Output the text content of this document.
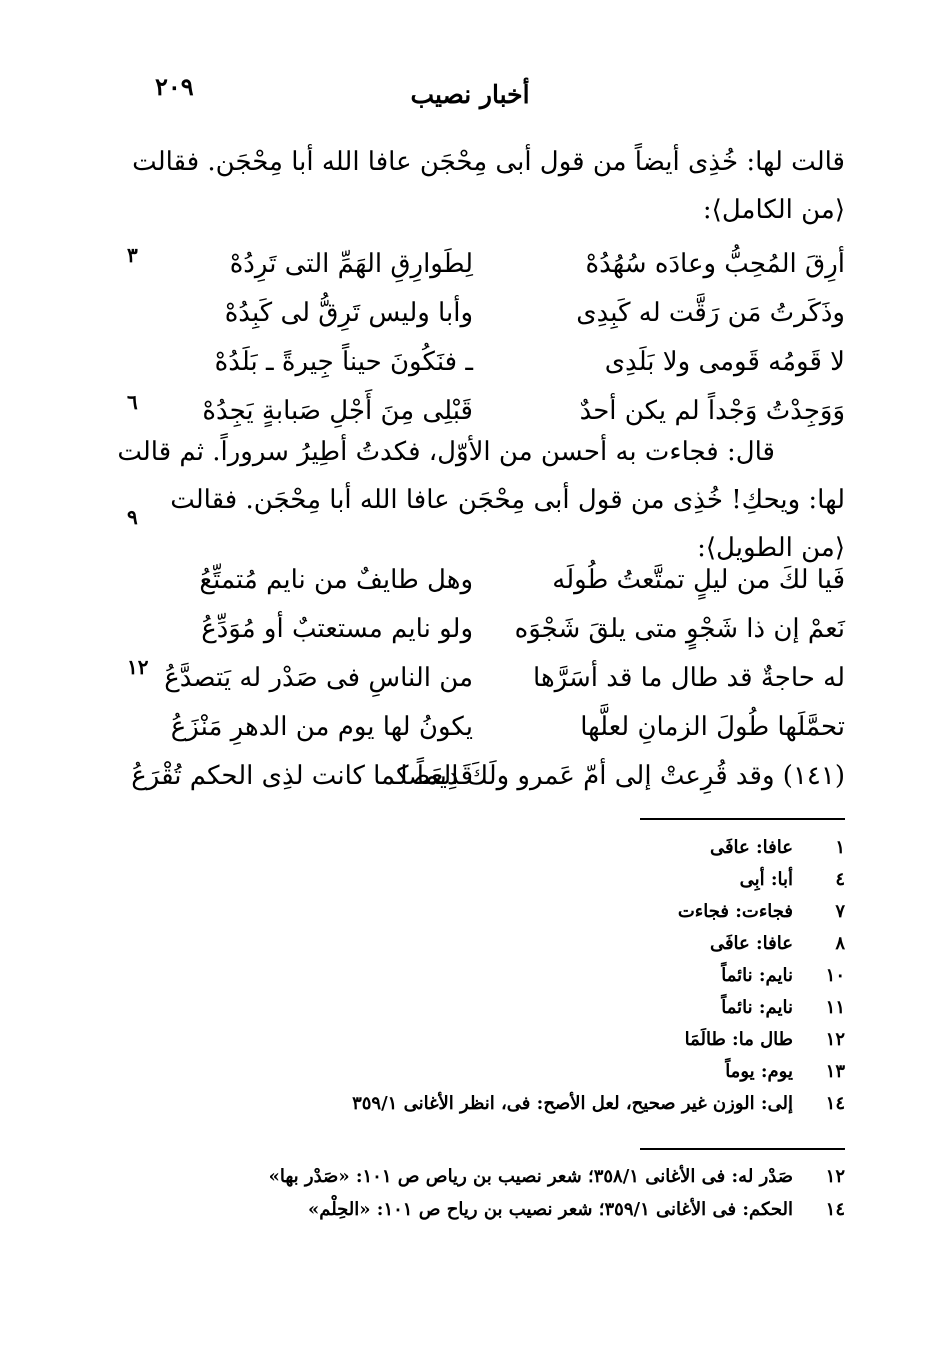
٢٠٩	أخبار نصيب
قالت لها: خُذِى أيضاً من قول أبى مِحْجَن عافا الله أبا مِحْجَن. فقالت
⟨من الكامل⟩:
أرِقَ المُحِبُّ وعادَه سُهُدُهْ
لِطَوارِقِ الهَمِّ التى تَرِدُهْ
وذَكَرتُ مَن رَقَّت له كَبِدِى
وأبا وليس تَرِقُّ لى كَبِدُهْ
لا قَومُه قَومى ولا بَلَدِى
ـ فنَكُونَ حيناً جِيرةً ـ بَلَدُهْ
وَوَجِدْتُ وَجْداً لم يكن أحدٌ
قَبْلِى مِنَ أَجْلِ صَبابةٍ يَجِدُهْ
٣
٦
قال: فجاءت به أحسن من الأوّل، فكدتُ أطِيرُ سروراً. ثم قالت
لها: ويحكِ! خُذِى من قول أبى مِحْجَن عافا الله أبا مِحْجَن. فقالت
⟨من الطويل⟩:
٩
فَيا لكَ من ليلٍ تمتَّعتُ طُولَه
وهل طايفٌ من نايم مُتمتِّعُ
نَعمْ إن ذا شَجْوٍ متى يلقَ شَجْوَه
ولو نايم مستعتبٌ أو مُوَدِّعُ
له حاجةٌ قد طال ما قد أسَرَّها
من الناسِ فى صَدْر له يَتصدَّعُ
تحمَّلَها طُولَ الزمانِ لعلَّها
يكونُ لها يوم من الدهرِ مَنْزَعُ
(١٤١) وقد قُرِعتْ إلى أمّ عَمرو ولَكَ العَصا
قَدِيماً كما كانت لذِى الحكم تُقْرَعُ
١٢
١
عافا: عافَى
٤
أبا: أبِى
٧
فجاءت: فجاءت
٨
عافا: عافَى
١٠
نايم: نائماً
١١
نايم: نائماً
١٢
طال ما: طالَمَا
١٣
يوم: يوماً
١٤
إلى: الوزن غير صحيح، لعل الأصح: فى، انظر الأغانى ٣٥٩/١
١٢
صَدْر له: فى الأغانى ٣٥٨/١؛ شعر نصيب بن رياص ص ١٠١: «صَدْر بها»
١٤
الحكم: فى الأغانى ٣٥٩/١؛ شعر نصيب بن رياح ص ١٠١: «الحِلْم»
